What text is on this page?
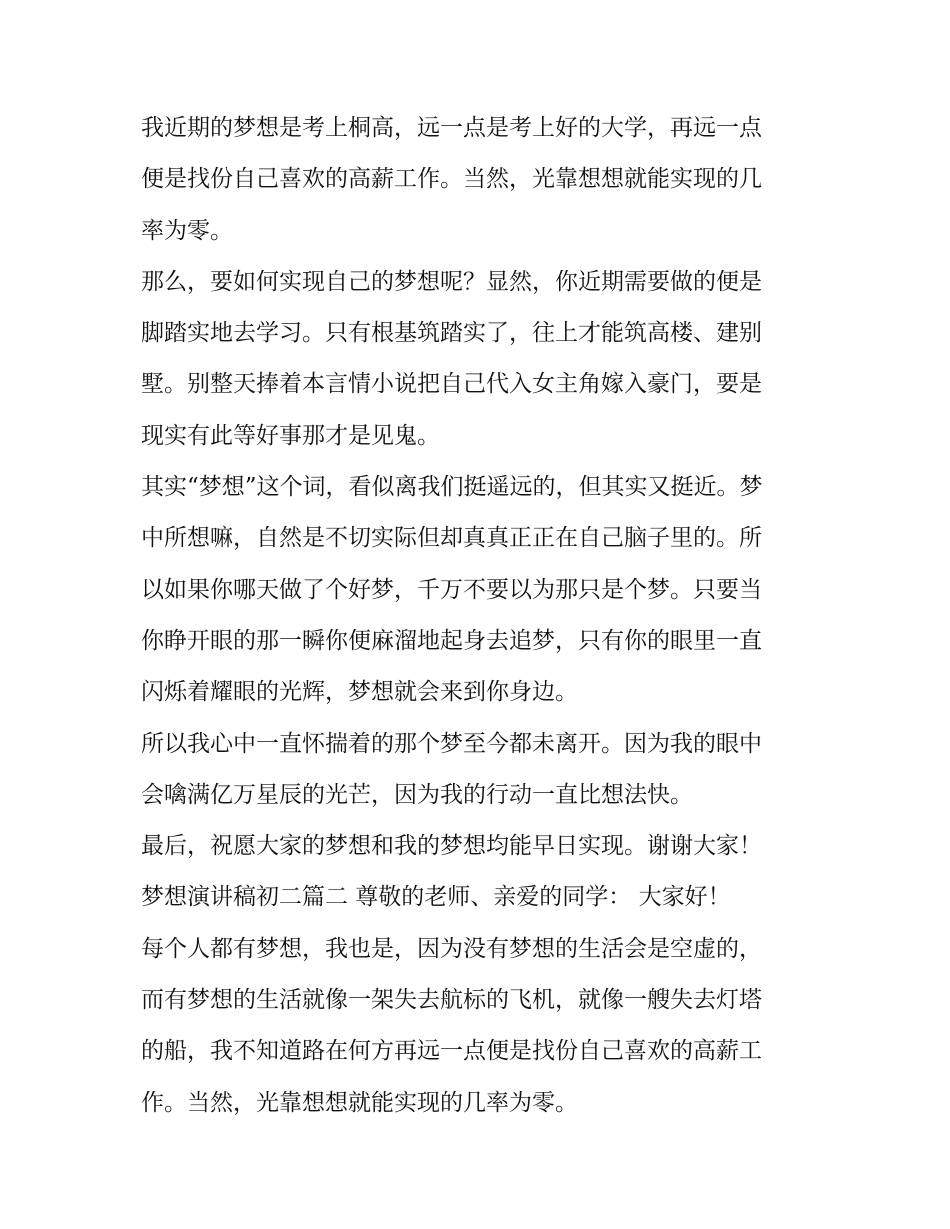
我近期的梦想是考上桐高，远一点是考上好的大学，再远一点
便是找份自己喜欢的高薪工作。当然，光靠想想就能实现的几
率为零。
那么，要如何实现自己的梦想呢？显然，你近期需要做的便是
脚踏实地去学习。只有根基筑踏实了，往上才能筑高楼、建别
墅。别整天捧着本言情小说把自己代入女主角嫁入豪门，要是
现实有此等好事那才是见鬼。
其实“梦想”这个词，看似离我们挺遥远的，但其实又挺近。梦
中所想嘛，自然是不切实际但却真真正正在自己脑子里的。所
以如果你哪天做了个好梦，千万不要以为那只是个梦。只要当
你睁开眼的那一瞬你便麻溜地起身去追梦，只有你的眼里一直
闪烁着耀眼的光辉，梦想就会来到你身边。
所以我心中一直怀揣着的那个梦至今都未离开。因为我的眼中
会噙满亿万星辰的光芒，因为我的行动一直比想法快。
最后，祝愿大家的梦想和我的梦想均能早日实现。谢谢大家！
梦想演讲稿初二篇二 尊敬的老师、亲爱的同学： 大家好！
每个人都有梦想，我也是，因为没有梦想的生活会是空虚的，
而有梦想的生活就像一架失去航标的飞机，就像一艘失去灯塔
的船，我不知道路在何方再远一点便是找份自己喜欢的高薪工
作。当然，光靠想想就能实现的几率为零。
